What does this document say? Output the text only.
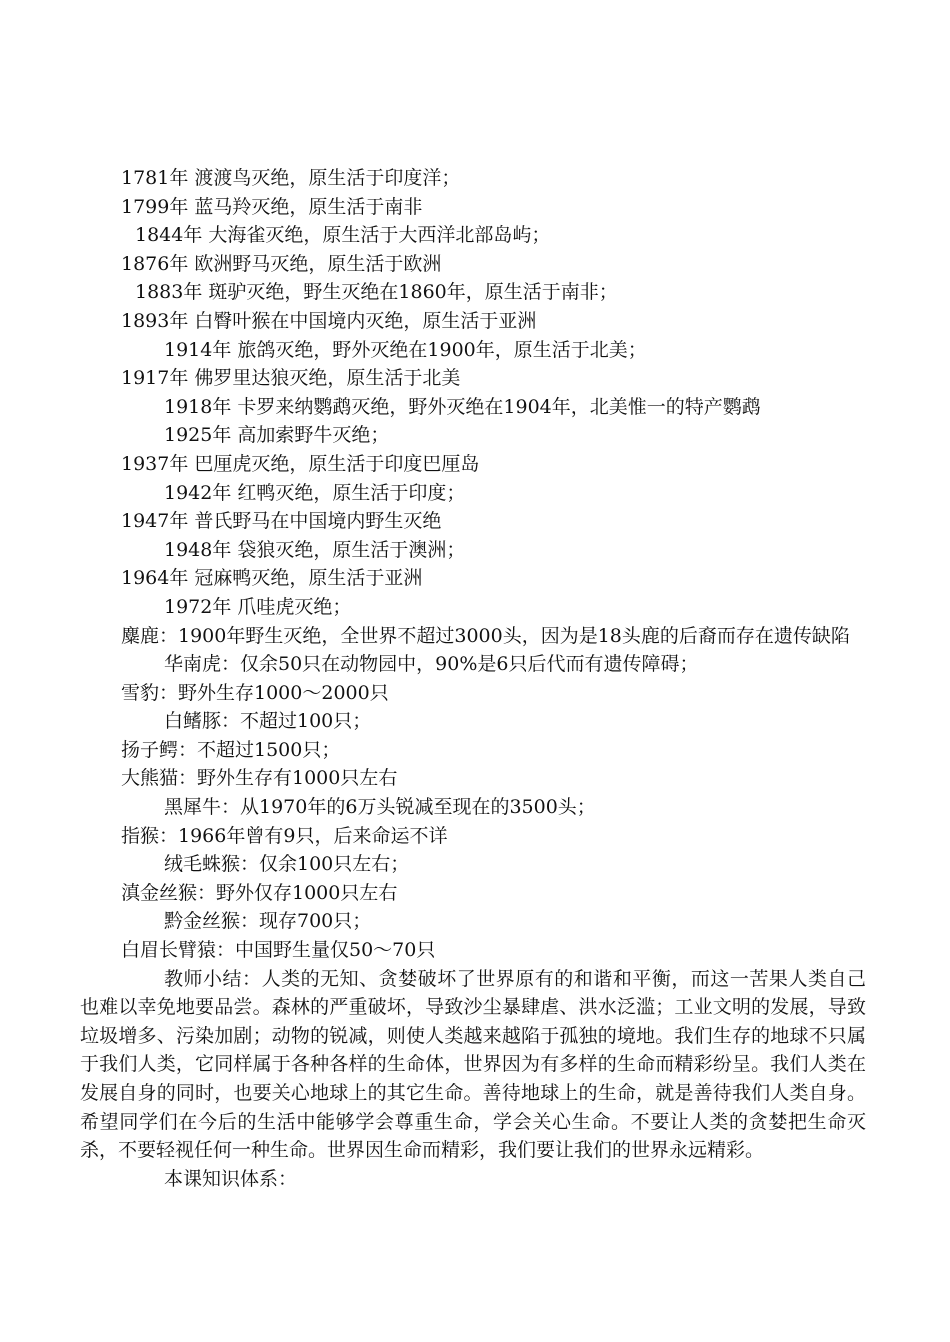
1781年 渡渡鸟灭绝，原生活于印度洋；

1799年 蓝马羚灭绝，原生活于南非

1844年 大海雀灭绝，原生活于大西洋北部岛屿；

1876年 欧洲野马灭绝，原生活于欧洲

1883年 斑驴灭绝，野生灭绝在1860年，原生活于南非；

1893年 白臀叶猴在中国境内灭绝，原生活于亚洲

1914年 旅鸽灭绝，野外灭绝在1900年，原生活于北美；

1917年 佛罗里达狼灭绝，原生活于北美

1918年 卡罗来纳鹦鹉灭绝，野外灭绝在1904年，北美惟一的特产鹦鹉

1925年 高加索野牛灭绝；

1937年 巴厘虎灭绝，原生活于印度巴厘岛

1942年 红鸭灭绝，原生活于印度；

1947年 普氏野马在中国境内野生灭绝

1948年 袋狼灭绝，原生活于澳洲；

1964年 冠麻鸭灭绝，原生活于亚洲

1972年 爪哇虎灭绝；

麋鹿：1900年野生灭绝，全世界不超过3000头，因为是18头鹿的后裔而存在遗传缺陷

华南虎：仅余50只在动物园中，90%是6只后代而有遗传障碍；

雪豹：野外生存1000～2000只

白鳍豚：不超过100只；

扬子鳄：不超过1500只；

大熊猫：野外生存有1000只左右

黑犀牛：从1970年的6万头锐减至现在的3500头；

指猴：1966年曾有9只，后来命运不详

绒毛蛛猴：仅余100只左右；

滇金丝猴：野外仅存1000只左右

黔金丝猴：现存700只；

白眉长臂猿：中国野生量仅50～70只

教师小结：人类的无知、贪婪破坏了世界原有的和谐和平衡，而这一苦果人类自己 也难以幸免地要品尝。森林的严重破坏，导致沙尘暴肆虐、洪水泛滥；工业文明的发展，导致垃圾增多、污染加剧；动物的锐减，则使人类越来越陷于孤独的境地。我们生存的地球不只属于我们人类，它同样属于各种各样的生命体，世界因为有多样的生命而精彩纷呈。我们人类在发展自身的同时，也要关心地球上的其它生命。善待地球上的生命，就是善待我们人类自身。希望同学们在今后的生活中能够学会尊重生命，学会关心生命。不要让人类的贪婪把生命灭杀，不要轻视任何一种生命。世界因生命而精彩，我们要让我们的世界永远精彩。

本课知识体系：
